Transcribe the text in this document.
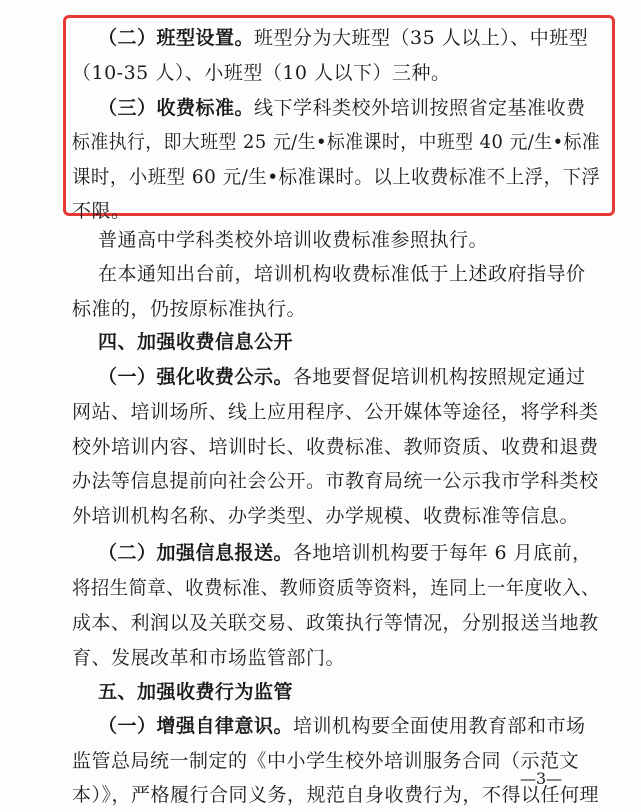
（二）班型设置。班型分为大班型（35 人以上）、中班型
（10-35 人）、小班型（10 人以下）三种。
（三）收费标准。线下学科类校外培训按照省定基准收费
标准执行，即大班型 25 元/生•标准课时，中班型 40 元/生•标准
课时，小班型 60 元/生•标准课时。以上收费标准不上浮，下浮
不限。
普通高中学科类校外培训收费标准参照执行。
在本通知出台前，培训机构收费标准低于上述政府指导价
标准的，仍按原标准执行。
四、加强收费信息公开
（一）强化收费公示。各地要督促培训机构按照规定通过
网站、培训场所、线上应用程序、公开媒体等途径，将学科类
校外培训内容、培训时长、收费标准、教师资质、收费和退费
办法等信息提前向社会公开。市教育局统一公示我市学科类校
外培训机构名称、办学类型、办学规模、收费标准等信息。
（二）加强信息报送。各地培训机构要于每年 6 月底前，
将招生简章、收费标准、教师资质等资料，连同上一年度收入、
成本、利润以及关联交易、政策执行等情况，分别报送当地教
育、发展改革和市场监管部门。
五、加强收费行为监管
（一）增强自律意识。培训机构要全面使用教育部和市场
监管总局统一制定的《中小学生校外培训服务合同（示范文
本）》，严格履行合同义务，规范自身收费行为，不得以任何理
—3—
